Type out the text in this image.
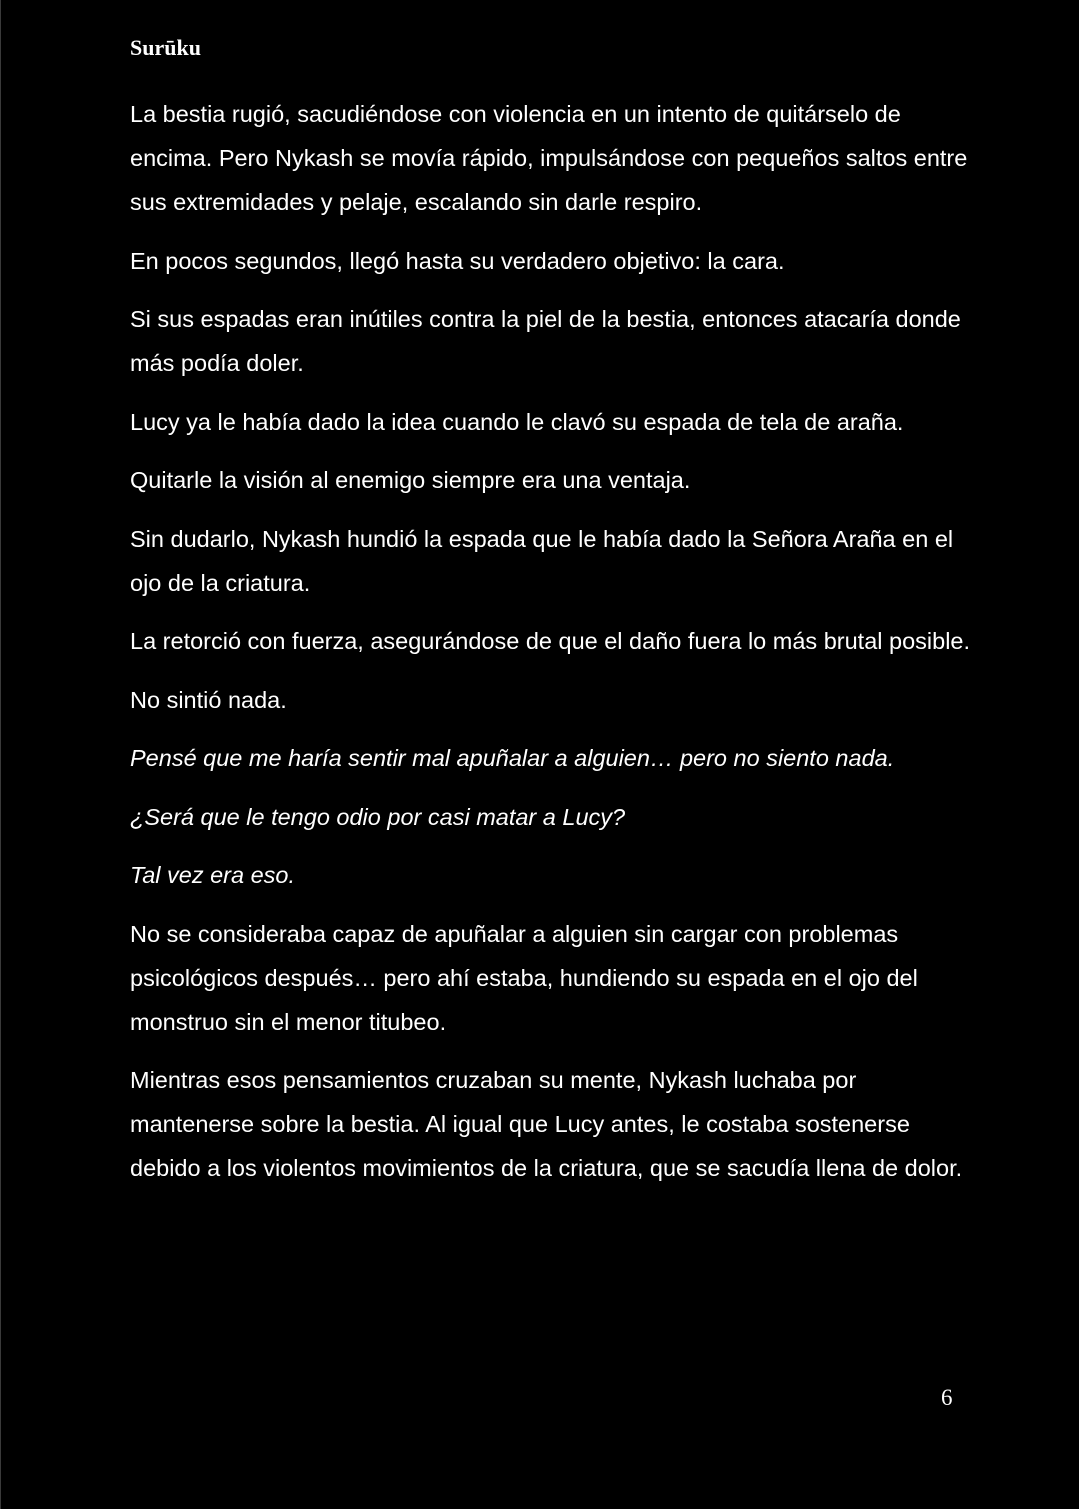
Surūku

La bestia rugió, sacudiéndose con violencia en un intento de quitárselo de encima. Pero Nykash se movía rápido, impulsándose con pequeños saltos entre sus extremidades y pelaje, escalando sin darle respiro.

En pocos segundos, llegó hasta su verdadero objetivo: la cara.

Si sus espadas eran inútiles contra la piel de la bestia, entonces atacaría donde más podía doler.

Lucy ya le había dado la idea cuando le clavó su espada de tela de araña.

Quitarle la visión al enemigo siempre era una ventaja.

Sin dudarlo, Nykash hundió la espada que le había dado la Señora Araña en el ojo de la criatura.

La retorció con fuerza, asegurándose de que el daño fuera lo más brutal posible.

No sintió nada.

Pensé que me haría sentir mal apuñalar a alguien… pero no siento nada.

¿Será que le tengo odio por casi matar a Lucy?

Tal vez era eso.

No se consideraba capaz de apuñalar a alguien sin cargar con problemas psicológicos después… pero ahí estaba, hundiendo su espada en el ojo del monstruo sin el menor titubeo.

Mientras esos pensamientos cruzaban su mente, Nykash luchaba por mantenerse sobre la bestia. Al igual que Lucy antes, le costaba sostenerse debido a los violentos movimientos de la criatura, que se sacudía llena de dolor.

6
